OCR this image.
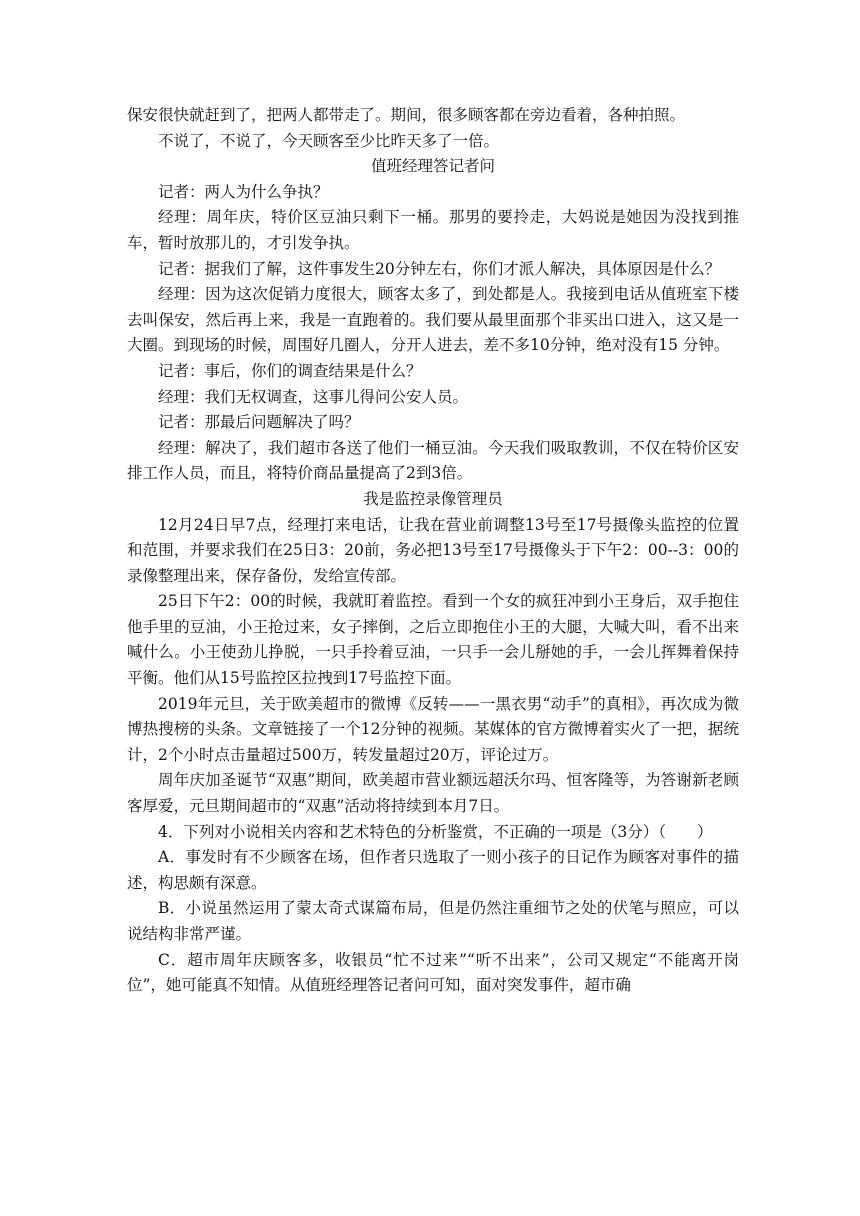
保安很快就赶到了，把两人都带走了。期间，很多顾客都在旁边看着，各种拍照。

不说了，不说了，今天顾客至少比昨天多了一倍。

值班经理答记者问

记者：两人为什么争执？

经理：周年庆，特价区豆油只剩下一桶。那男的要拎走，大妈说是她因为没找到推车，暂时放那儿的，才引发争执。

记者：据我们了解，这件事发生20分钟左右，你们才派人解决，具体原因是什么？

经理：因为这次促销力度很大，顾客太多了，到处都是人。我接到电话从值班室下楼去叫保安，然后再上来，我是一直跑着的。我们要从最里面那个非买出口进入，这又是一大圈。到现场的时候，周围好几圈人，分开人进去，差不多10分钟，绝对没有15 分钟。

记者：事后，你们的调查结果是什么？

经理：我们无权调查，这事儿得问公安人员。

记者：那最后问题解决了吗？

经理：解决了，我们超市各送了他们一桶豆油。今天我们吸取教训，不仅在特价区安排工作人员，而且，将特价商品量提高了2到3倍。

我是监控录像管理员

12月24日早7点，经理打来电话，让我在营业前调整13号至17号摄像头监控的位置和范围，并要求我们在25日3：20前，务必把13号至17号摄像头于下午2：00--3：00的录像整理出来，保存备份，发给宣传部。

25日下午2：00的时候，我就盯着监控。看到一个女的疯狂冲到小王身后，双手抱住他手里的豆油，小王抢过来，女子摔倒，之后立即抱住小王的大腿，大喊大叫，看不出来喊什么。小王使劲儿挣脱，一只手拎着豆油，一只手一会儿掰她的手，一会儿挥舞着保持平衡。他们从15号监控区拉拽到17号监控下面。

2019年元旦，关于欧美超市的微博《反转——一黑衣男“动手”的真相》，再次成为微博热搜榜的头条。文章链接了一个12分钟的视频。某媒体的官方微博着实火了一把，据统计，2个小时点击量超过500万，转发量超过20万，评论过万。

周年庆加圣诞节“双惠”期间，欧美超市营业额远超沃尔玛、恒客隆等，为答谢新老顾客厚爱，元旦期间超市的“双惠”活动将持续到本月7日。

4．下列对小说相关内容和艺术特色的分析鉴赏，不正确的一项是（3分）（　　）

A．事发时有不少顾客在场，但作者只选取了一则小孩子的日记作为顾客对事件的描述，构思颇有深意。

B．小说虽然运用了蒙太奇式谋篇布局，但是仍然注重细节之处的伏笔与照应，可以说结构非常严谨。

C．超市周年庆顾客多，收银员“忙不过来”“听不出来”，公司又规定“不能离开岗位”，她可能真不知情。从值班经理答记者问可知，面对突发事件，超市确
